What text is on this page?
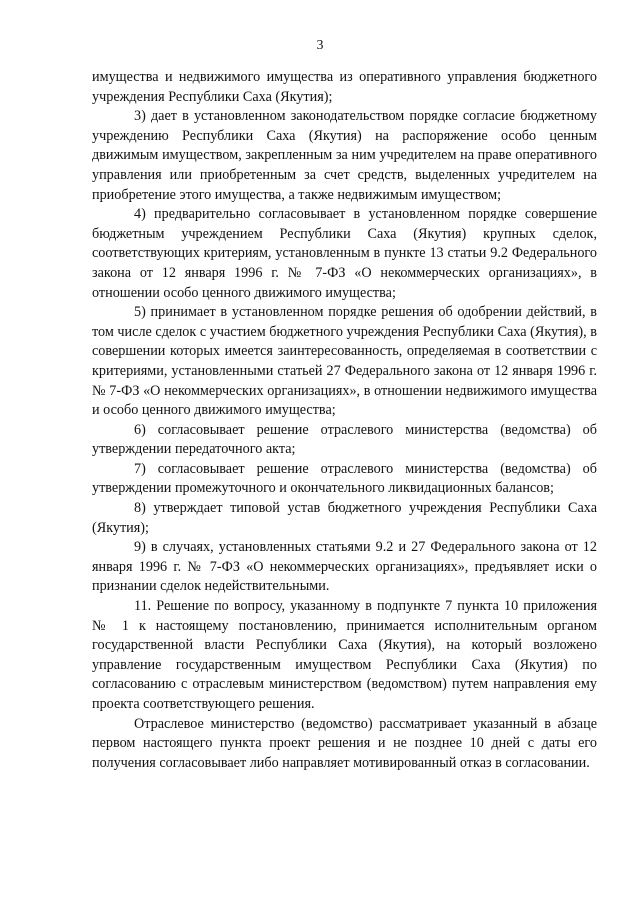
3

имущества и недвижимого имущества из оперативного управления бюджетного учреждения Республики Саха (Якутия);

3) дает в установленном законодательством порядке согласие бюджетному учреждению Республики Саха (Якутия) на распоряжение особо ценным движимым имуществом, закрепленным за ним учредителем на праве оперативного управления или приобретенным за счет средств, выделенных учредителем на приобретение этого имущества, а также недвижимым имуществом;

4) предварительно согласовывает в установленном порядке совершение бюджетным учреждением Республики Саха (Якутия) крупных сделок, соответствующих критериям, установленным в пункте 13 статьи 9.2 Федерального закона от 12 января 1996 г. № 7-ФЗ «О некоммерческих организациях», в отношении особо ценного движимого имущества;

5) принимает в установленном порядке решения об одобрении действий, в том числе сделок с участием бюджетного учреждения Республики Саха (Якутия), в совершении которых имеется заинтересованность, определяемая в соответствии с критериями, установленными статьей 27 Федерального закона от 12 января 1996 г. № 7-ФЗ «О некоммерческих организациях», в отношении недвижимого имущества и особо ценного движимого имущества;

6) согласовывает решение отраслевого министерства (ведомства) об утверждении передаточного акта;

7) согласовывает решение отраслевого министерства (ведомства) об утверждении промежуточного и окончательного ликвидационных балансов;

8) утверждает типовой устав бюджетного учреждения Республики Саха (Якутия);

9) в случаях, установленных статьями 9.2 и 27 Федерального закона от 12 января 1996 г. № 7-ФЗ «О некоммерческих организациях», предъявляет иски о признании сделок недействительными.

11. Решение по вопросу, указанному в подпункте 7 пункта 10 приложения № 1 к настоящему постановлению, принимается исполнительным органом государственной власти Республики Саха (Якутия), на который возложено управление государственным имуществом Республики Саха (Якутия) по согласованию с отраслевым министерством (ведомством) путем направления ему проекта соответствующего решения.

Отраслевое министерство (ведомство) рассматривает указанный в абзаце первом настоящего пункта проект решения и не позднее 10 дней с даты его получения согласовывает либо направляет мотивированный отказ в согласовании.
